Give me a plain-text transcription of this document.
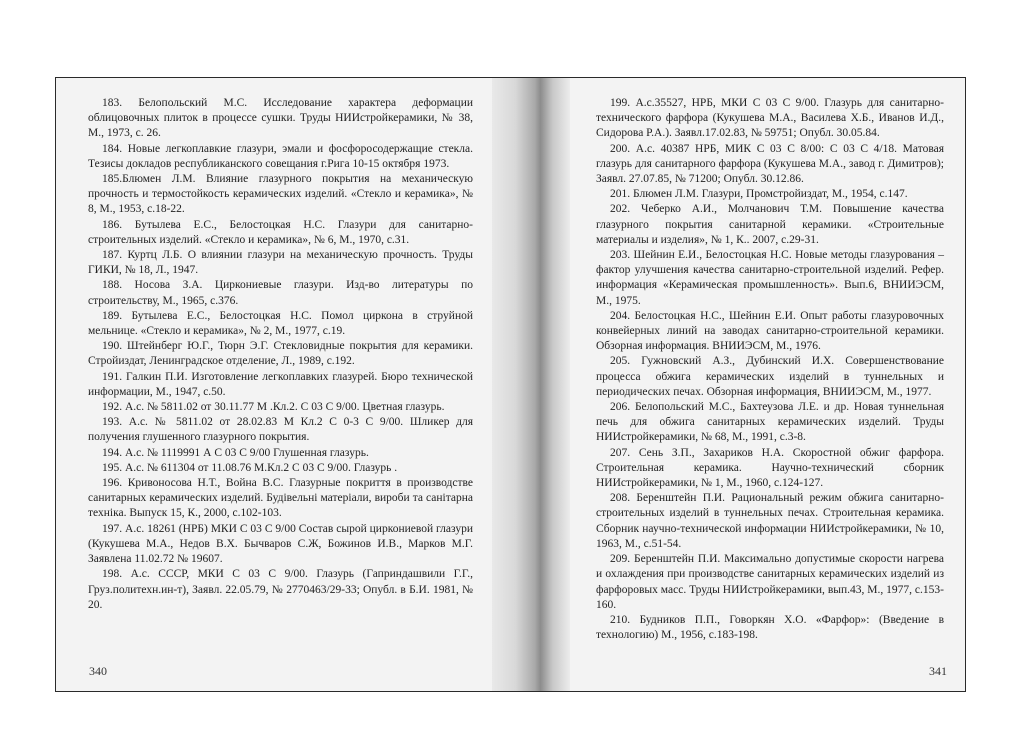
183. Белопольский М.С. Исследование характера деформации облицовочных плиток в процессе сушки. Труды НИИстройкерамики, № 38, М., 1973, с. 26.

184. Новые легкоплавкие глазури, эмали и фосфоросодержащие стекла. Тезисы докладов республиканского совещания г.Рига 10-15 октября 1973.

185.Блюмен Л.М. Влияние глазурного покрытия на механическую прочность и термостойкость керамических изделий. «Стекло и керамика», № 8, М., 1953, с.18-22.

186. Бутылева Е.С., Белостоцкая Н.С. Глазури для санитарно-строительных изделий. «Стекло и керамика», № 6, М., 1970, с.31.

187. Куртц Л.Б. О влиянии глазури на механическую прочность. Труды ГИКИ, № 18, Л., 1947.

188. Носова З.А. Циркониевые глазури. Изд-во литературы по строительству, М., 1965, с.376.

189. Бутылева Е.С., Белостоцкая Н.С. Помол циркона в струйной мельнице. «Стекло и керамика», № 2, М., 1977, с.19.

190. Штейнберг Ю.Г., Тюрн Э.Г. Стекловидные покрытия для керамики. Стройиздат, Ленинградское отделение, Л., 1989, с.192.

191. Галкин П.И. Изготовление легкоплавких глазурей. Бюро технической информации, М., 1947, с.50.

192. А.с. № 5811.02 от 30.11.77 М .Кл.2. С 03 С 9/00. Цветная глазурь.

193. А.с. № 5811.02 от 28.02.83 М Кл.2 С 0-3 С 9/00. Шликер для получения глушенного глазурного покрытия.

194. А.с. № 1119991 А С 03 С 9/00 Глушенная глазурь.

195. А.с. № 611304 от 11.08.76 М.Кл.2 С 03 С 9/00. Глазурь .

196. Кривоносова Н.Т., Война В.С. Глазурные покриття в производстве санитарных керамических изделий. Будівельні матеріали, вироби та санітарна техніка. Выпуск 15, К., 2000, с.102-103.

197. А.с. 18261 (НРБ) МКИ С 03 С 9/00 Состав сырой циркониевой глазури (Кукушева М.А., Недов В.Х. Бычваров С.Ж, Божинов И.В., Марков М.Г. Заявлена 11.02.72 № 19607.

198. А.с. СССР, МКИ С 03 С 9/00. Глазурь (Гаприндашвили Г.Г., Груз.политехн.ин-т), Заявл. 22.05.79, № 2770463/29-33; Опубл. в Б.И. 1981, № 20.

340

199. А.с.35527, НРБ, МКИ С 03 С 9/00. Глазурь для санитарно-технического фарфора (Кукушева М.А., Василева Х.Б., Иванов И.Д., Сидорова Р.А.). Заявл.17.02.83, № 59751; Опубл. 30.05.84.

200. А.с. 40387 НРБ, МИК С 03 С 8/00: С 03 С 4/18. Матовая глазурь для санитарного фарфора (Кукушева М.А., завод г. Димитров); Заявл. 27.07.85, № 71200; Опубл. 30.12.86.

201. Блюмен Л.М. Глазури, Промстройиздат, М., 1954, с.147.

202. Чеберко А.И., Молчанович Т.М. Повышение качества глазурного покрытия санитарной керамики. «Строительные материалы и изделия», № 1, К.. 2007, с.29-31.

203. Шейнин Е.И., Белостоцкая Н.С. Новые методы глазурования – фактор улучшения качества санитарно-строительной изделий. Рефер. информация «Керамическая промышленность». Вып.6, ВНИИЭСМ, М., 1975.

204. Белостоцкая Н.С., Шейнин Е.И. Опыт работы глазуровочных конвейерных линий на заводах санитарно-строительной керамики. Обзорная информация. ВНИИЭСМ, М., 1976.

205. Гужновский А.З., Дубинский И.Х. Совершенствование процесса обжига керамических изделий в туннельных и периодических печах. Обзорная информация, ВНИИЭСМ, М., 1977.

206. Белопольский М.С., Бахтеузова Л.Е. и др. Новая туннельная печь для обжига санитарных керамических изделий. Труды НИИстройкерамики, № 68, М., 1991, с.3-8.

207. Сень З.П., Захариков Н.А. Скоростной обжиг фарфора. Строительная керамика. Научно-технический сборник НИИстройкерамики, № 1, М., 1960, с.124-127.

208. Беренштейн П.И. Рациональный режим обжига санитарно-строительных изделий в туннельных печах. Строительная керамика. Сборник научно-технической информации НИИстройкерамики, № 10, 1963, М., с.51-54.

209. Беренштейн П.И. Максимально допустимые скорости нагрева и охлаждения при производстве санитарных керамических изделий из фарфоровых масс. Труды НИИстройкерамики, вып.43, М., 1977, с.153-160.

210. Будников П.П., Говоркян Х.О. «Фарфор»: (Введение в технологию) М., 1956, с.183-198.

341
